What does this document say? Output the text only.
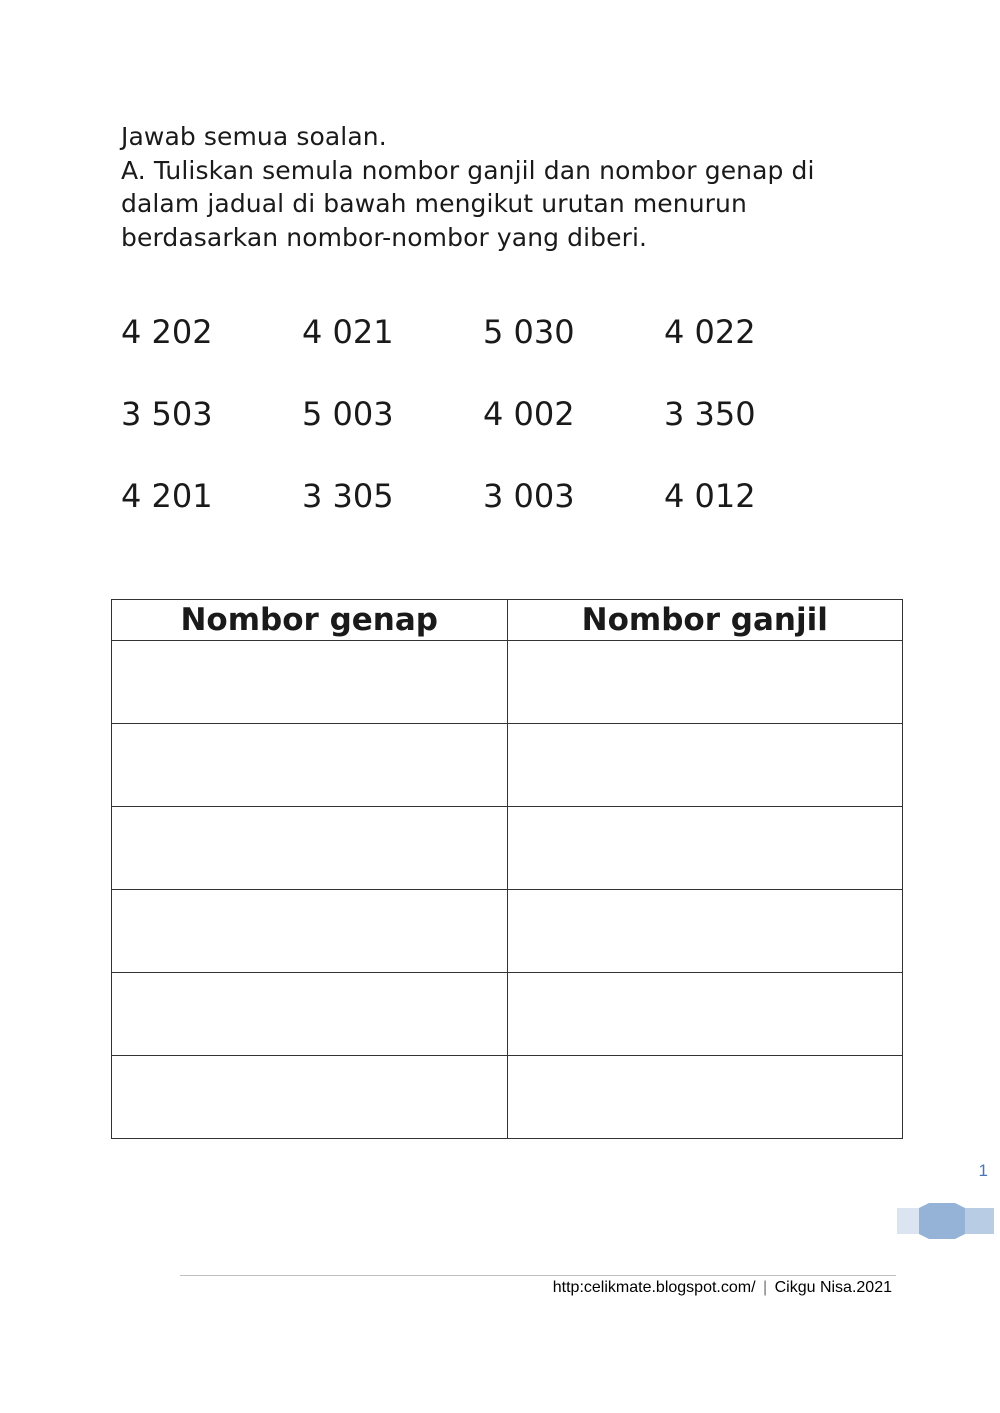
Jawab semua soalan.

A. Tuliskan semula nombor ganjil dan nombor genap di dalam jadual di bawah mengikut urutan menurun berdasarkan nombor-nombor yang diberi.

4 202	4 021	5 030	4 022
3 503	5 003	4 002	3 350
4 201	3 305	3 003	4 012
Nombor genap	Nombor ganjil

1
http:celikmate.blogspot.com/ | Cikgu Nisa.2021
